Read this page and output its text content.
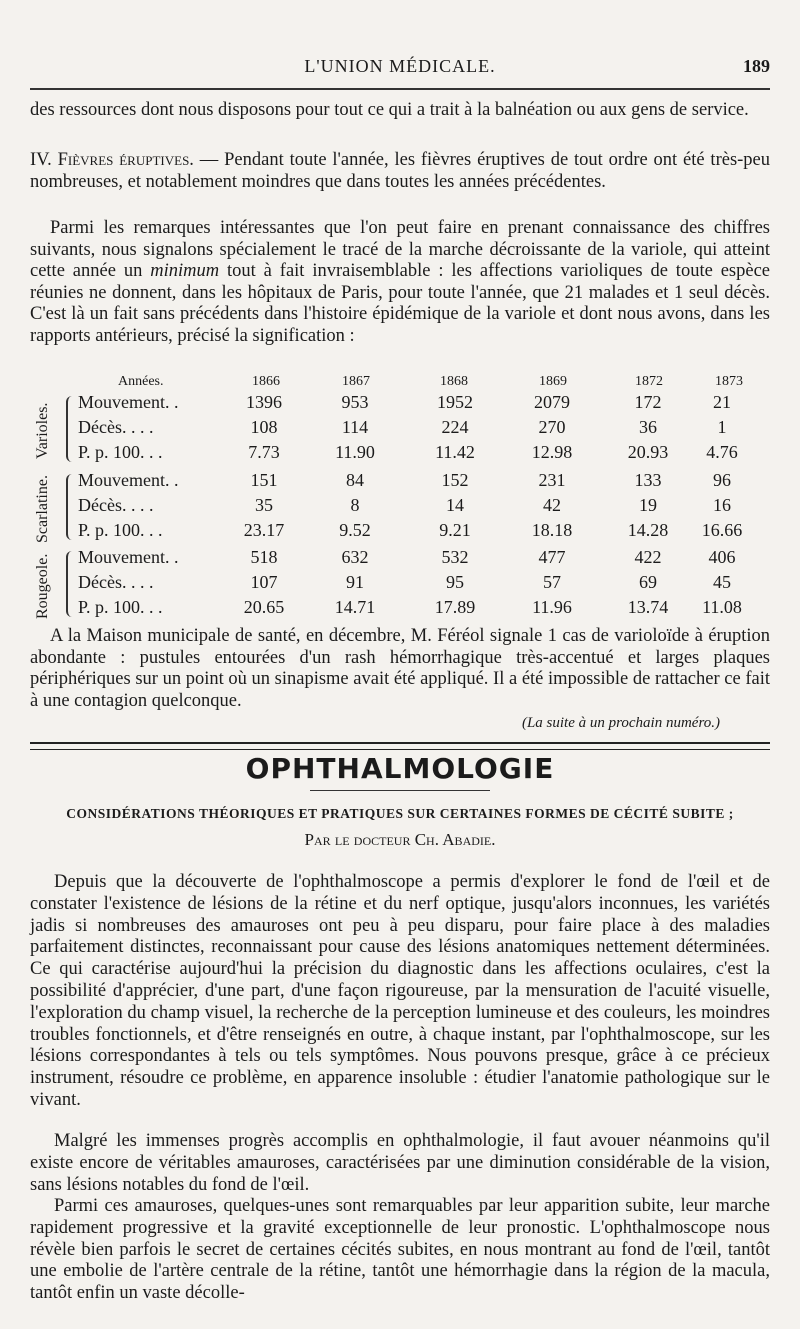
L'UNION MÉDICALE.	189
des ressources dont nous disposons pour tout ce qui a trait à la balnéation ou aux gens de service.
IV. Fièvres éruptives. — Pendant toute l'année, les fièvres éruptives de tout ordre ont été très-peu nombreuses, et notablement moindres que dans toutes les années précédentes.
Parmi les remarques intéressantes que l'on peut faire en prenant connaissance des chiffres suivants, nous signalons spécialement le tracé de la marche décroissante de la variole, qui atteint cette année un minimum tout à fait invraisemblable : les affections varioliques de toute espèce réunies ne donnent, dans les hôpitaux de Paris, pour toute l'année, que 21 malades et 1 seul décès. C'est là un fait sans précédents dans l'histoire épidémique de la variole et dont nous avons, dans les rapports antérieurs, précisé la signification :
Années.	1866	1867	1868	1869	1872	1873
Varioles.
Mouvement. .	1396	953	1952	2079	172	21
Décès. . . .	108	114	224	270	36	1
P. p. 100. . .	7.73	11.90	11.42	12.98	20.93	4.76
Scarlatine.	Mouvement. .	151	84	152	231	133	96
Décès. . . .	35	8	14	42	19	16
P. p. 100. . .	23.17	9.52	9.21	18.18	14.28	16.66
Rougeole.	Mouvement. .	518	632	532	477	422	406
Décès. . . .	107	91	95	57	69	45
P. p. 100. . .	20.65	14.71	17.89	11.96	13.74	11.08
A la Maison municipale de santé, en décembre, M. Féréol signale 1 cas de varioloïde à éruption abondante : pustules entourées d'un rash hémorrhagique très-accentué et larges plaques périphériques sur un point où un sinapisme avait été appliqué. Il a été impossible de rattacher ce fait à une contagion quelconque.
(La suite à un prochain numéro.)
OPHTHALMOLOGIE
CONSIDÉRATIONS THÉORIQUES ET PRATIQUES SUR CERTAINES FORMES DE CÉCITÉ SUBITE ;
Par le docteur Ch. Abadie.
Depuis que la découverte de l'ophthalmoscope a permis d'explorer le fond de l'œil et de constater l'existence de lésions de la rétine et du nerf optique, jusqu'alors inconnues, les variétés jadis si nombreuses des amauroses ont peu à peu disparu, pour faire place à des maladies parfaitement distinctes, reconnaissant pour cause des lésions anatomiques nettement déterminées. Ce qui caractérise aujourd'hui la précision du diagnostic dans les affections oculaires, c'est la possibilité d'apprécier, d'une part, d'une façon rigoureuse, par la mensuration de l'acuité visuelle, l'exploration du champ visuel, la recherche de la perception lumineuse et des couleurs, les moindres troubles fonctionnels, et d'être renseignés en outre, à chaque instant, par l'ophthalmoscope, sur les lésions correspondantes à tels ou tels symptômes. Nous pouvons presque, grâce à ce précieux instrument, résoudre ce problème, en apparence insoluble : étudier l'anatomie pathologique sur le vivant.
Malgré les immenses progrès accomplis en ophthalmologie, il faut avouer néanmoins qu'il existe encore de véritables amauroses, caractérisées par une diminution considérable de la vision, sans lésions notables du fond de l'œil.
Parmi ces amauroses, quelques-unes sont remarquables par leur apparition subite, leur marche rapidement progressive et la gravité exceptionnelle de leur pronostic. L'ophthalmoscope nous révèle bien parfois le secret de certaines cécités subites, en nous montrant au fond de l'œil, tantôt une embolie de l'artère centrale de la rétine, tantôt une hémorrhagie dans la région de la macula, tantôt enfin un vaste décolle-
